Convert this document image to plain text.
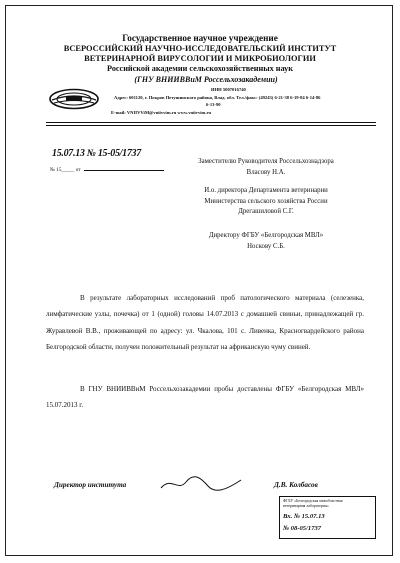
Государственное научное учреждение
ВСЕРОССИЙСКИЙ НАУЧНО-ИССЛЕДОВАТЕЛЬСКИЙ ИНСТИТУТ
ВЕТЕРИНАРНОЙ ВИРУСОЛОГИИ И МИКРОБИОЛОГИИ
Российской академии сельскохозяйственных наук
(ГНУ ВНИИВВиМ Россельхозакадемии)
ИНН 5007016740
Адрес: 601120, г. Покров Петушинского района, Влад. обл. Тел./факс: (49243) 6-21-38 6-19-84 6-14-86
6-13-90
E-mail: VNIIVViM@vniivvim.ru www.vniivvim.ru
15.07.13 № 15-05/1737
№ 15_____ от
Заместителю Руководителя Россельхознадзора
Власову Н.А.
И.о. директора Департамента ветеринарии
Министерства сельского хозяйства России
Дрегашиловой С.Г.
Директору ФГБУ «Белгородская МВЛ»
Носкову С.Б.
В результате лабораторных исследований проб патологического материала (селезенка, лимфатические узлы, почечка) от 1 (одной) головы 14.07.2013 с домашней свиньи, принадлежащей гр. Журавлевой В.В., проживающей по адресу: ул. Чкалова, 101 с. Ливенка, Красногвардейского района Белгородской области, получен положительный результат на африканскую чуму свиней.
В ГНУ ВНИИВВиМ Россельхозакадемии пробы доставлены ФГБУ «Белгородская МВЛ» 15.07.2013 г.
Директор института	Д.В. Колбасов
ФГБУ «Белгородская межобластная
ветеринарная лаборатория»
Вх. № 15.07.13
№ 08-05/1737
